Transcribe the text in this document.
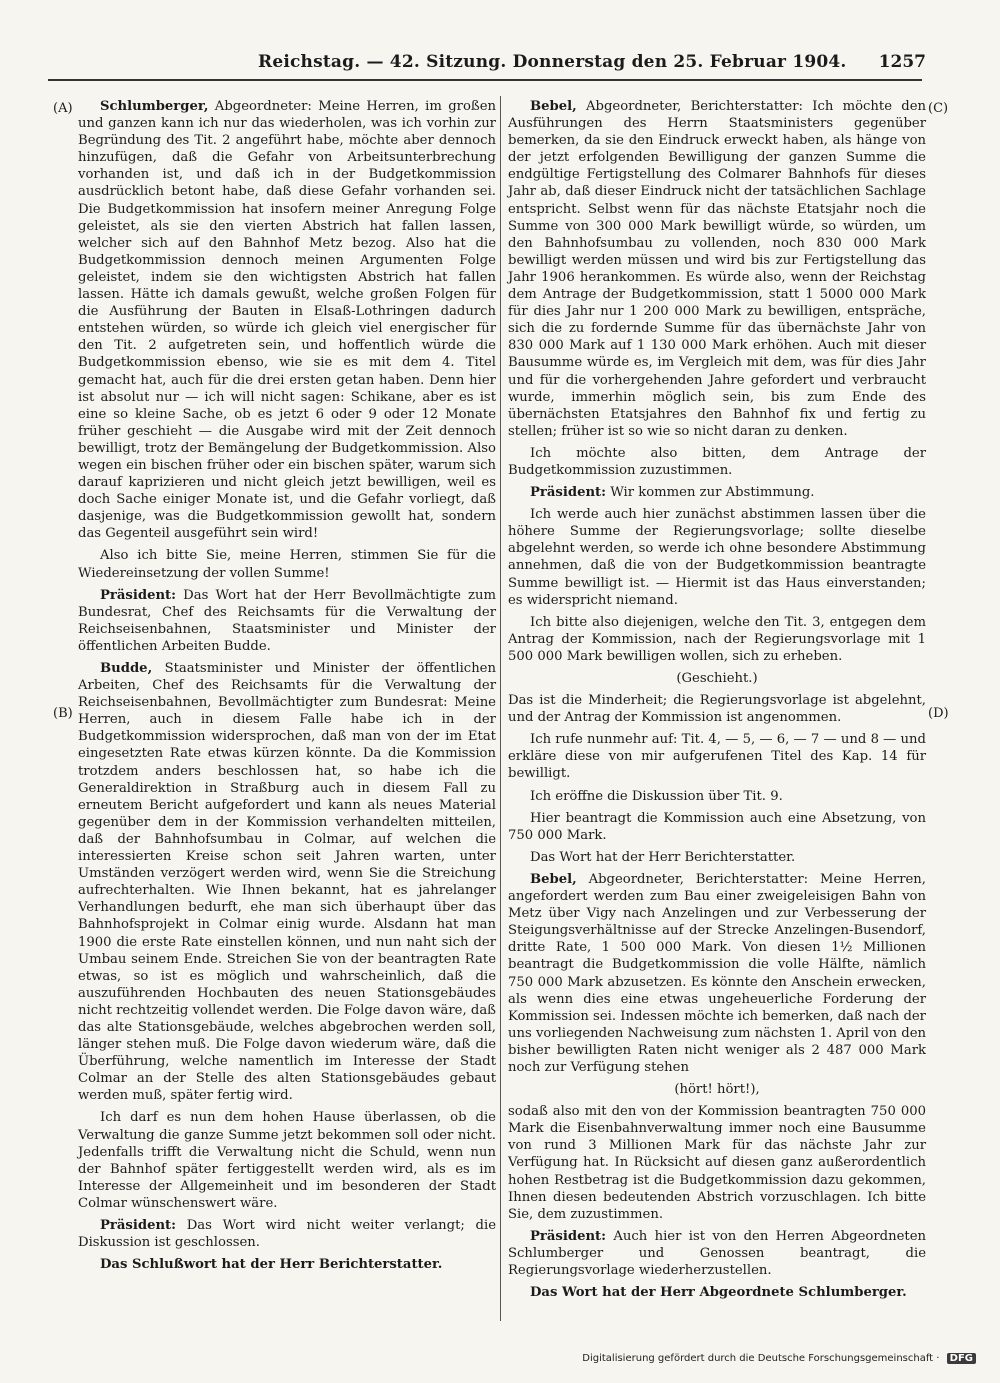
Reichstag. — 42. Sitzung. Donnerstag den 25. Februar 1904. 1257
(A)
(B)
(C)
(D)

Schlumberger, Abgeordneter: Meine Herren, im großen und ganzen kann ich nur das wiederholen, was ich vorhin zur Begründung des Tit. 2 angeführt habe, möchte aber dennoch hinzufügen, daß die Gefahr von Arbeitsunterbrechung vorhanden ist, und daß ich in der Budgetkommission ausdrücklich betont habe, daß diese Gefahr vorhanden sei. Die Budgetkommission hat insofern meiner Anregung Folge geleistet, als sie den vierten Abstrich hat fallen lassen, welcher sich auf den Bahnhof Metz bezog. Also hat die Budgetkommission dennoch meinen Argumenten Folge geleistet, indem sie den wichtigsten Abstrich hat fallen lassen. Hätte ich damals gewußt, welche großen Folgen für die Ausführung der Bauten in Elsaß-Lothringen dadurch entstehen würden, so würde ich gleich viel energischer für den Tit. 2 aufgetreten sein, und hoffentlich würde die Budgetkommission ebenso, wie sie es mit dem 4. Titel gemacht hat, auch für die drei ersten getan haben. Denn hier ist absolut nur — ich will nicht sagen: Schikane, aber es ist eine so kleine Sache, ob es jetzt 6 oder 9 oder 12 Monate früher geschieht — die Ausgabe wird mit der Zeit dennoch bewilligt, trotz der Bemängelung der Budgetkommission. Also wegen ein bischen früher oder ein bischen später, warum sich darauf kaprizieren und nicht gleich jetzt bewilligen, weil es doch Sache einiger Monate ist, und die Gefahr vorliegt, daß dasjenige, was die Budgetkommission gewollt hat, sondern das Gegenteil ausgeführt sein wird!

Also ich bitte Sie, meine Herren, stimmen Sie für die Wiedereinsetzung der vollen Summe!

Präsident: Das Wort hat der Herr Bevollmächtigte zum Bundesrat, Chef des Reichsamts für die Verwaltung der Reichseisenbahnen, Staatsminister und Minister der öffentlichen Arbeiten Budde.

Budde, Staatsminister und Minister der öffentlichen Arbeiten, Chef des Reichsamts für die Verwaltung der Reichseisenbahnen, Bevollmächtigter zum Bundesrat: Meine Herren, auch in diesem Falle habe ich in der Budgetkommission widersprochen, daß man von der im Etat eingesetzten Rate etwas kürzen könnte. Da die Kommission trotzdem anders beschlossen hat, so habe ich die Generaldirektion in Straßburg auch in diesem Fall zu erneutem Bericht aufgefordert und kann als neues Material gegenüber dem in der Kommission verhandelten mitteilen, daß der Bahnhofsumbau in Colmar, auf welchen die interessierten Kreise schon seit Jahren warten, unter Umständen verzögert werden wird, wenn Sie die Streichung aufrechterhalten. Wie Ihnen bekannt, hat es jahrelanger Verhandlungen bedurft, ehe man sich überhaupt über das Bahnhofsprojekt in Colmar einig wurde. Alsdann hat man 1900 die erste Rate einstellen können, und nun naht sich der Umbau seinem Ende. Streichen Sie von der beantragten Rate etwas, so ist es möglich und wahrscheinlich, daß die auszuführenden Hochbauten des neuen Stationsgebäudes nicht rechtzeitig vollendet werden. Die Folge davon wäre, daß das alte Stationsgebäude, welches abgebrochen werden soll, länger stehen muß. Die Folge davon wiederum wäre, daß die Überführung, welche namentlich im Interesse der Stadt Colmar an der Stelle des alten Stationsgebäudes gebaut werden muß, später fertig wird.

Ich darf es nun dem hohen Hause überlassen, ob die Verwaltung die ganze Summe jetzt bekommen soll oder nicht. Jedenfalls trifft die Verwaltung nicht die Schuld, wenn nun der Bahnhof später fertiggestellt werden wird, als es im Interesse der Allgemeinheit und im besonderen der Stadt Colmar wünschenswert wäre.

Präsident: Das Wort wird nicht weiter verlangt; die Diskussion ist geschlossen.

Das Schlußwort hat der Herr Berichterstatter.

Bebel, Abgeordneter, Berichterstatter: Ich möchte den Ausführungen des Herrn Staatsministers gegenüber bemerken, da sie den Eindruck erweckt haben, als hänge von der jetzt erfolgenden Bewilligung der ganzen Summe die endgültige Fertigstellung des Colmarer Bahnhofs für dieses Jahr ab, daß dieser Eindruck nicht der tatsächlichen Sachlage entspricht. Selbst wenn für das nächste Etatsjahr noch die Summe von 300 000 Mark bewilligt würde, so würden, um den Bahnhofsumbau zu vollenden, noch 830 000 Mark bewilligt werden müssen und wird bis zur Fertigstellung das Jahr 1906 herankommen. Es würde also, wenn der Reichstag dem Antrage der Budgetkommission, statt 1 5000 000 Mark für dies Jahr nur 1 200 000 Mark zu bewilligen, entspräche, sich die zu fordernde Summe für das übernächste Jahr von 830 000 Mark auf 1 130 000 Mark erhöhen. Auch mit dieser Bausumme würde es, im Vergleich mit dem, was für dies Jahr und für die vorhergehenden Jahre gefordert und verbraucht wurde, immerhin möglich sein, bis zum Ende des übernächsten Etatsjahres den Bahnhof fix und fertig zu stellen; früher ist so wie so nicht daran zu denken.

Ich möchte also bitten, dem Antrage der Budgetkommission zuzustimmen.

Präsident: Wir kommen zur Abstimmung.

Ich werde auch hier zunächst abstimmen lassen über die höhere Summe der Regierungsvorlage; sollte dieselbe abgelehnt werden, so werde ich ohne besondere Abstimmung annehmen, daß die von der Budgetkommission beantragte Summe bewilligt ist. — Hiermit ist das Haus einverstanden; es widerspricht niemand.

Ich bitte also diejenigen, welche den Tit. 3, entgegen dem Antrag der Kommission, nach der Regierungsvorlage mit 1 500 000 Mark bewilligen wollen, sich zu erheben.

(Geschieht.)

Das ist die Minderheit; die Regierungsvorlage ist abgelehnt, und der Antrag der Kommission ist angenommen.

Ich rufe nunmehr auf: Tit. 4, — 5, — 6, — 7 — und 8 — und erkläre diese von mir aufgerufenen Titel des Kap. 14 für bewilligt.

Ich eröffne die Diskussion über Tit. 9.

Hier beantragt die Kommission auch eine Absetzung, von 750 000 Mark.

Das Wort hat der Herr Berichterstatter.

Bebel, Abgeordneter, Berichterstatter: Meine Herren, angefordert werden zum Bau einer zweigeleisigen Bahn von Metz über Vigy nach Anzelingen und zur Verbesserung der Steigungsverhältnisse auf der Strecke Anzelingen-Busendorf, dritte Rate, 1 500 000 Mark. Von diesen 1½ Millionen beantragt die Budgetkommission die volle Hälfte, nämlich 750 000 Mark abzusetzen. Es könnte den Anschein erwecken, als wenn dies eine etwas ungeheuerliche Forderung der Kommission sei. Indessen möchte ich bemerken, daß nach der uns vorliegenden Nachweisung zum nächsten 1. April von den bisher bewilligten Raten nicht weniger als 2 487 000 Mark noch zur Verfügung stehen

(hört! hört!),

sodaß also mit den von der Kommission beantragten 750 000 Mark die Eisenbahnverwaltung immer noch eine Bausumme von rund 3 Millionen Mark für das nächste Jahr zur Verfügung hat. In Rücksicht auf diesen ganz außerordentlich hohen Restbetrag ist die Budgetkommission dazu gekommen, Ihnen diesen bedeutenden Abstrich vorzuschlagen. Ich bitte Sie, dem zuzustimmen.

Präsident: Auch hier ist von den Herren Abgeordneten Schlumberger und Genossen beantragt, die Regierungsvorlage wiederherzustellen.

Das Wort hat der Herr Abgeordnete Schlumberger.

Digitalisierung gefördert durch die Deutsche Forschungsgemeinschaft · DFG
